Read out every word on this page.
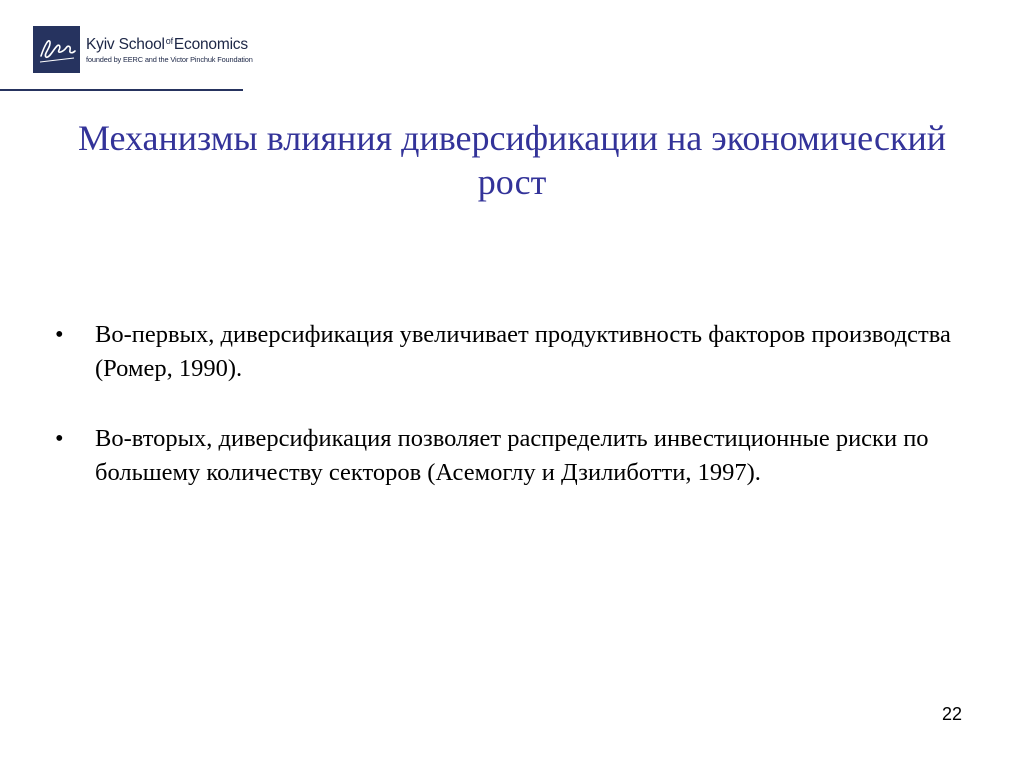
Kyiv School$^{of}$Economics
founded by EERC and the Victor Pinchuk Foundation
Механизмы влияния диверсификации на экономический рост
• Во-первых, диверсификация увеличивает продуктивность факторов производства (Ромер, 1990).
• Во-вторых, диверсификация позволяет распределить инвестиционные риски по большему количеству секторов (Асемоглу и Дзилиботти, 1997).
22
